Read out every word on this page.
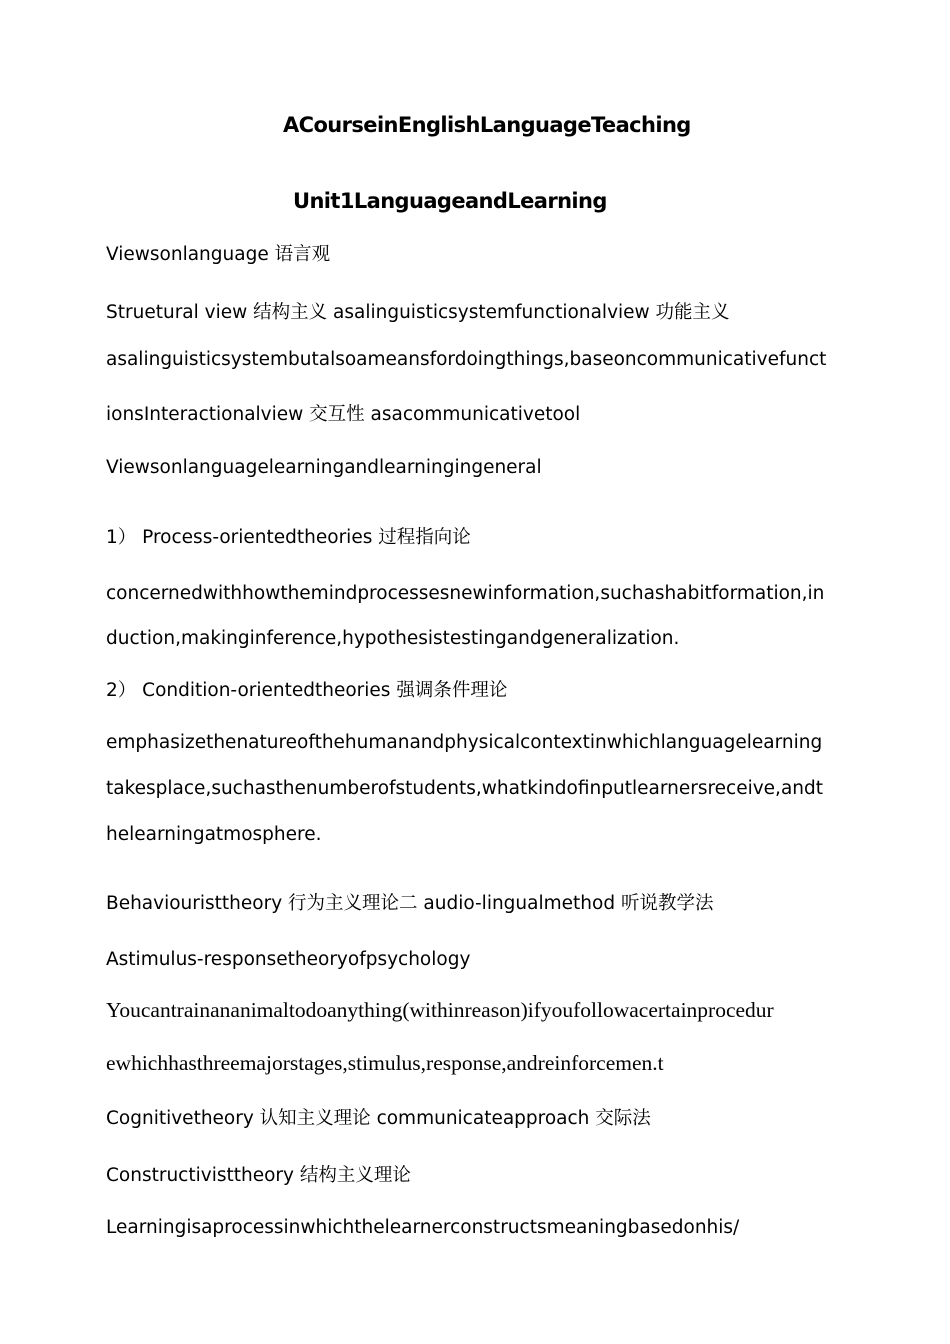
ACourseinEnglishLanguageTeaching
Unit1LanguageandLearning
Viewsonlanguage 语言观
Struetural view 结构主义 asalinguisticsystemfunctionalview 功能主义
asalinguisticsystembutalsoameansfordoingthings,baseoncommunicativefunct
ionsInteractionalview 交互性 asacommunicativetool
Viewsonlanguagelearningandlearningingeneral
1） Process-orientedtheories 过程指向论
concernedwithhowthemindprocessesnewinformation,suchashabitformation,in
duction,makinginference,hypothesistestingandgeneralization.
2） Condition-orientedtheories 强调条件理论
emphasizethenatureofthehumanandphysicalcontextinwhichlanguagelearning
takesplace,suchasthenumberofstudents,whatkindofinputlearnersreceive,andt
helearningatmosphere.
Behaviouristtheory 行为主义理论二 audio-lingualmethod 听说教学法
Astimulus-responsetheoryofpsychology
Youcantrainananimaltodoanything(withinreason)ifyoufollowacertainprocedur
ewhichhasthreemajorstages,stimulus,response,andreinforcemen.t
Cognitivetheory 认知主义理论 communicateapproach 交际法
Constructivisttheory 结构主义理论
Learningisaprocessinwhichthelearnerconstructsmeaningbasedonhis/
